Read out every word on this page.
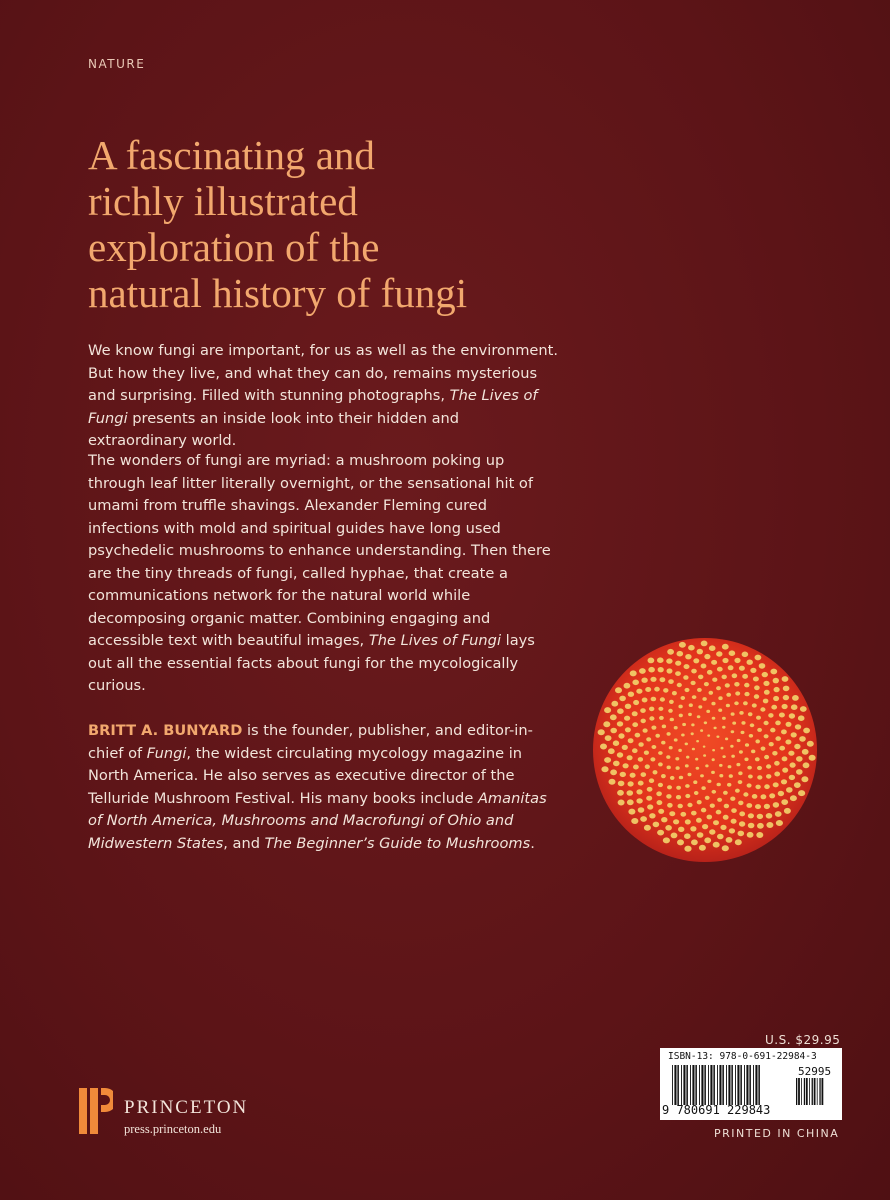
NATURE
A fascinating and
richly illustrated
exploration of the
natural history of fungi

We know fungi are important, for us as well as the environment. But how they live, and what they can do, remains mysterious and surprising. Filled with stunning photographs, The Lives of Fungi presents an inside look into their hidden and extraordinary world.

The wonders of fungi are myriad: a mushroom poking up through leaf litter literally overnight, or the sensational hit of umami from truffle shavings. Alexander Fleming cured infections with mold and spiritual guides have long used psychedelic mushrooms to enhance understanding. Then there are the tiny threads of fungi, called hyphae, that create a communications network for the natural world while decomposing organic matter. Combining engaging and accessible text with beautiful images, The Lives of Fungi lays out all the essential facts about fungi for the mycologically curious.

BRITT A. BUNYARD is the founder, publisher, and editor-in-chief of Fungi, the widest circulating mycology magazine in North America. He also serves as executive director of the Telluride Mushroom Festival. His many books include Amanitas of North America, Mushrooms and Macrofungi of Ohio and Midwestern States, and The Beginner’s Guide to Mushrooms.

U.S. $29.95
ISBN-13: 978-0-691-22984-3
52995
9 780691 229843
PRINTED IN CHINA
PRINCETON
press.princeton.edu
